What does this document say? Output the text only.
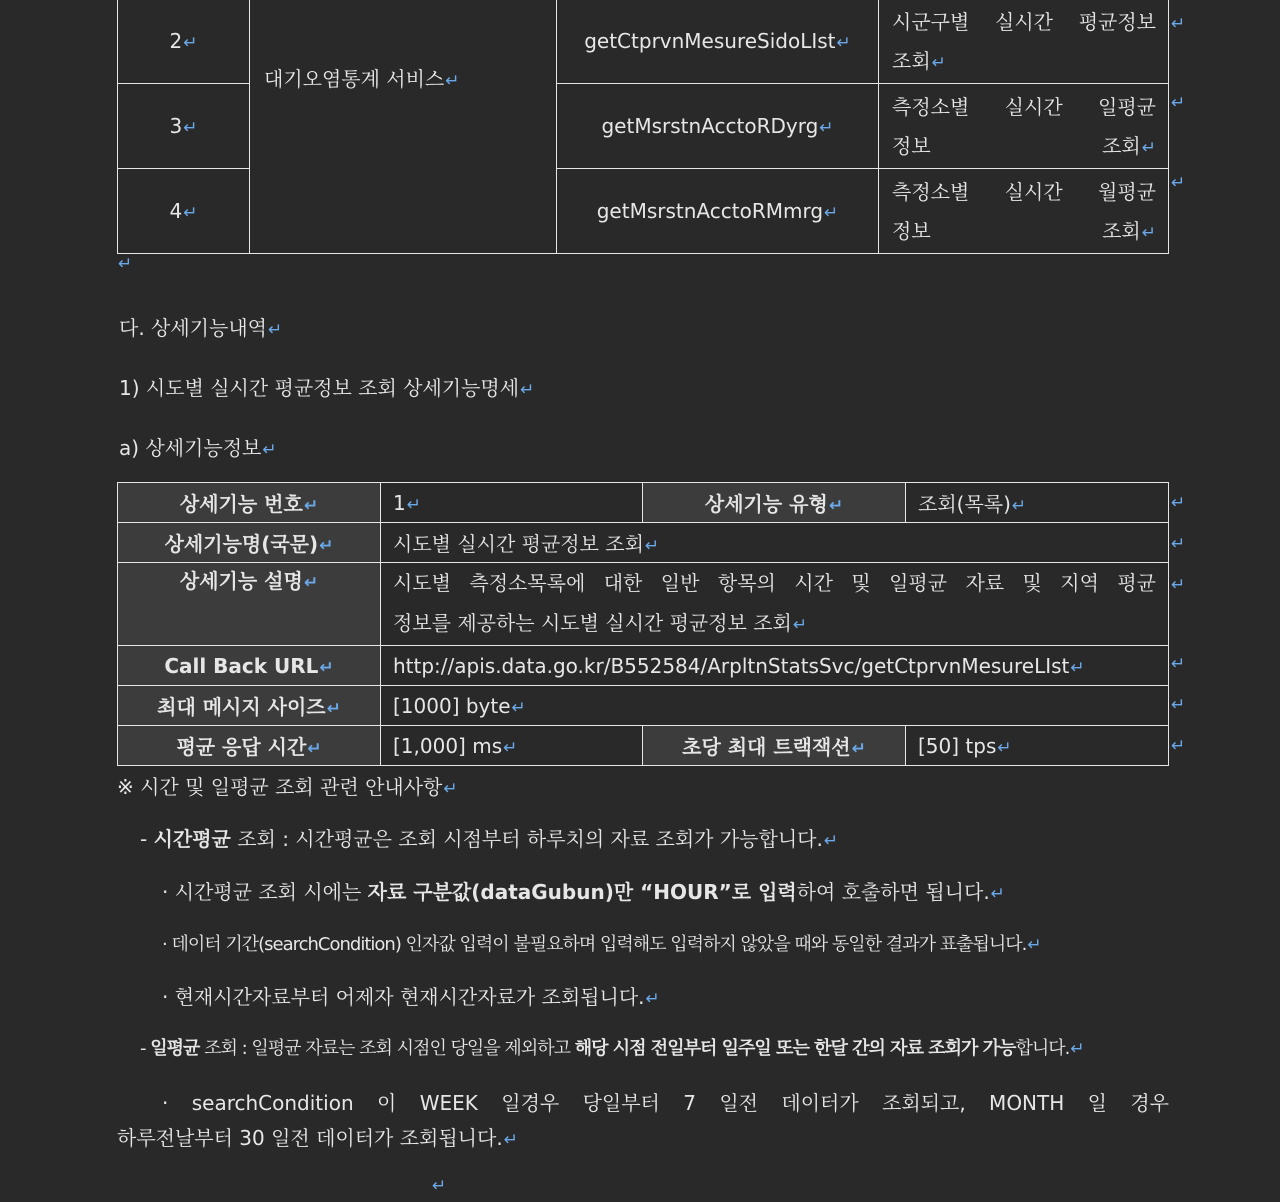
2↵	대기오염통계 서비스↵	getCtprvnMesureSidoLIst↵	시군구별 실시간 평균정보
조회↵

3↵		getMsrstnAcctoRDyrg↵	측정소별 실시간 일평균
정보 조회↵

4↵		getMsrstnAcctoRMmrg↵	측정소별 실시간 월평균
정보 조회↵
↵
↵
↵
↵

다. 상세기능내역↵

1) 시도별 실시간 평균정보 조회 상세기능명세↵

a) 상세기능정보↵

상세기능 번호↵	1↵	상세기능 유형↵	조회(목록)↵
상세기능명(국문)↵	시도별 실시간 평균정보 조회↵		
상세기능 설명↵	시도별 측정소목록에 대한 일반 항목의 시간 및 일평균 자료 및 지역 평균
정보를 제공하는 시도별 실시간 평균정보 조회↵		

Call Back URL↵	http://apis.data.go.kr/B552584/ArpltnStatsSvc/getCtprvnMesureLIst↵		
최대 메시지 사이즈↵	[1000] byte↵		
평균 응답 시간↵	[1,000] ms↵	초당 최대 트랙잭션↵	[50] tps↵
↵
↵
↵
↵
↵
↵

※ 시간 및 일평균 조회 관련 안내사항↵

- 시간평균 조회 : 시간평균은 조회 시점부터 하루치의 자료 조회가 가능합니다.↵

· 시간평균 조회 시에는 자료 구분값(dataGubun)만 “HOUR”로 입력하여 호출하면 됩니다.↵

· 데이터 기간(searchCondition) 인자값 입력이 불필요하며 입력해도 입력하지 않았을 때와 동일한 결과가 표출됩니다.↵

· 현재시간자료부터 어제자 현재시간자료가 조회됩니다.↵

- 일평균 조회 : 일평균 자료는 조회 시점인 당일을 제외하고 해당 시점 전일부터 일주일 또는 한달 간의 자료 조회가 가능합니다.↵

· searchCondition 이 WEEK 일경우 당일부터 7 일전 데이터가 조회되고, MONTH 일 경우
하루전날부터 30 일전 데이터가 조회됩니다.↵
↵
